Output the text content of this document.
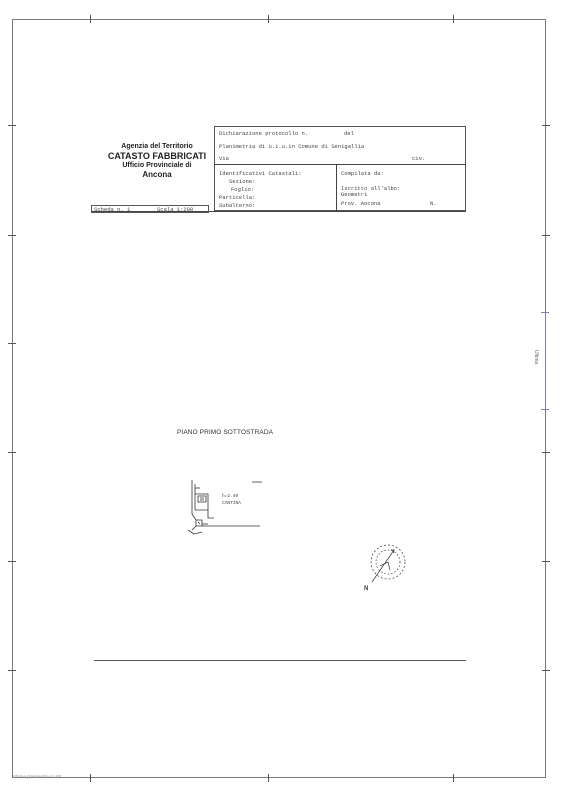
Ultima
Agenzia del Territorio
CATASTO FABBRICATI
Ufficio Provinciale di
Ancona
Dichiarazione protocollo n.	del
Planimetria di u.i.u.in Comune di Senigallia
Via	civ.
Identificativi Catastali:
Sezione:
Foglio:
Particella:
Subalterno:
Compilata da:
Iscritto all'albo:
Geometri
Prov. Ancona	N.
Scheda n. 1	Scala 1:200
PIANO PRIMO SOTTOSTRADA
h=2.40
CANTINA
N
Ultima planimetria in atti
